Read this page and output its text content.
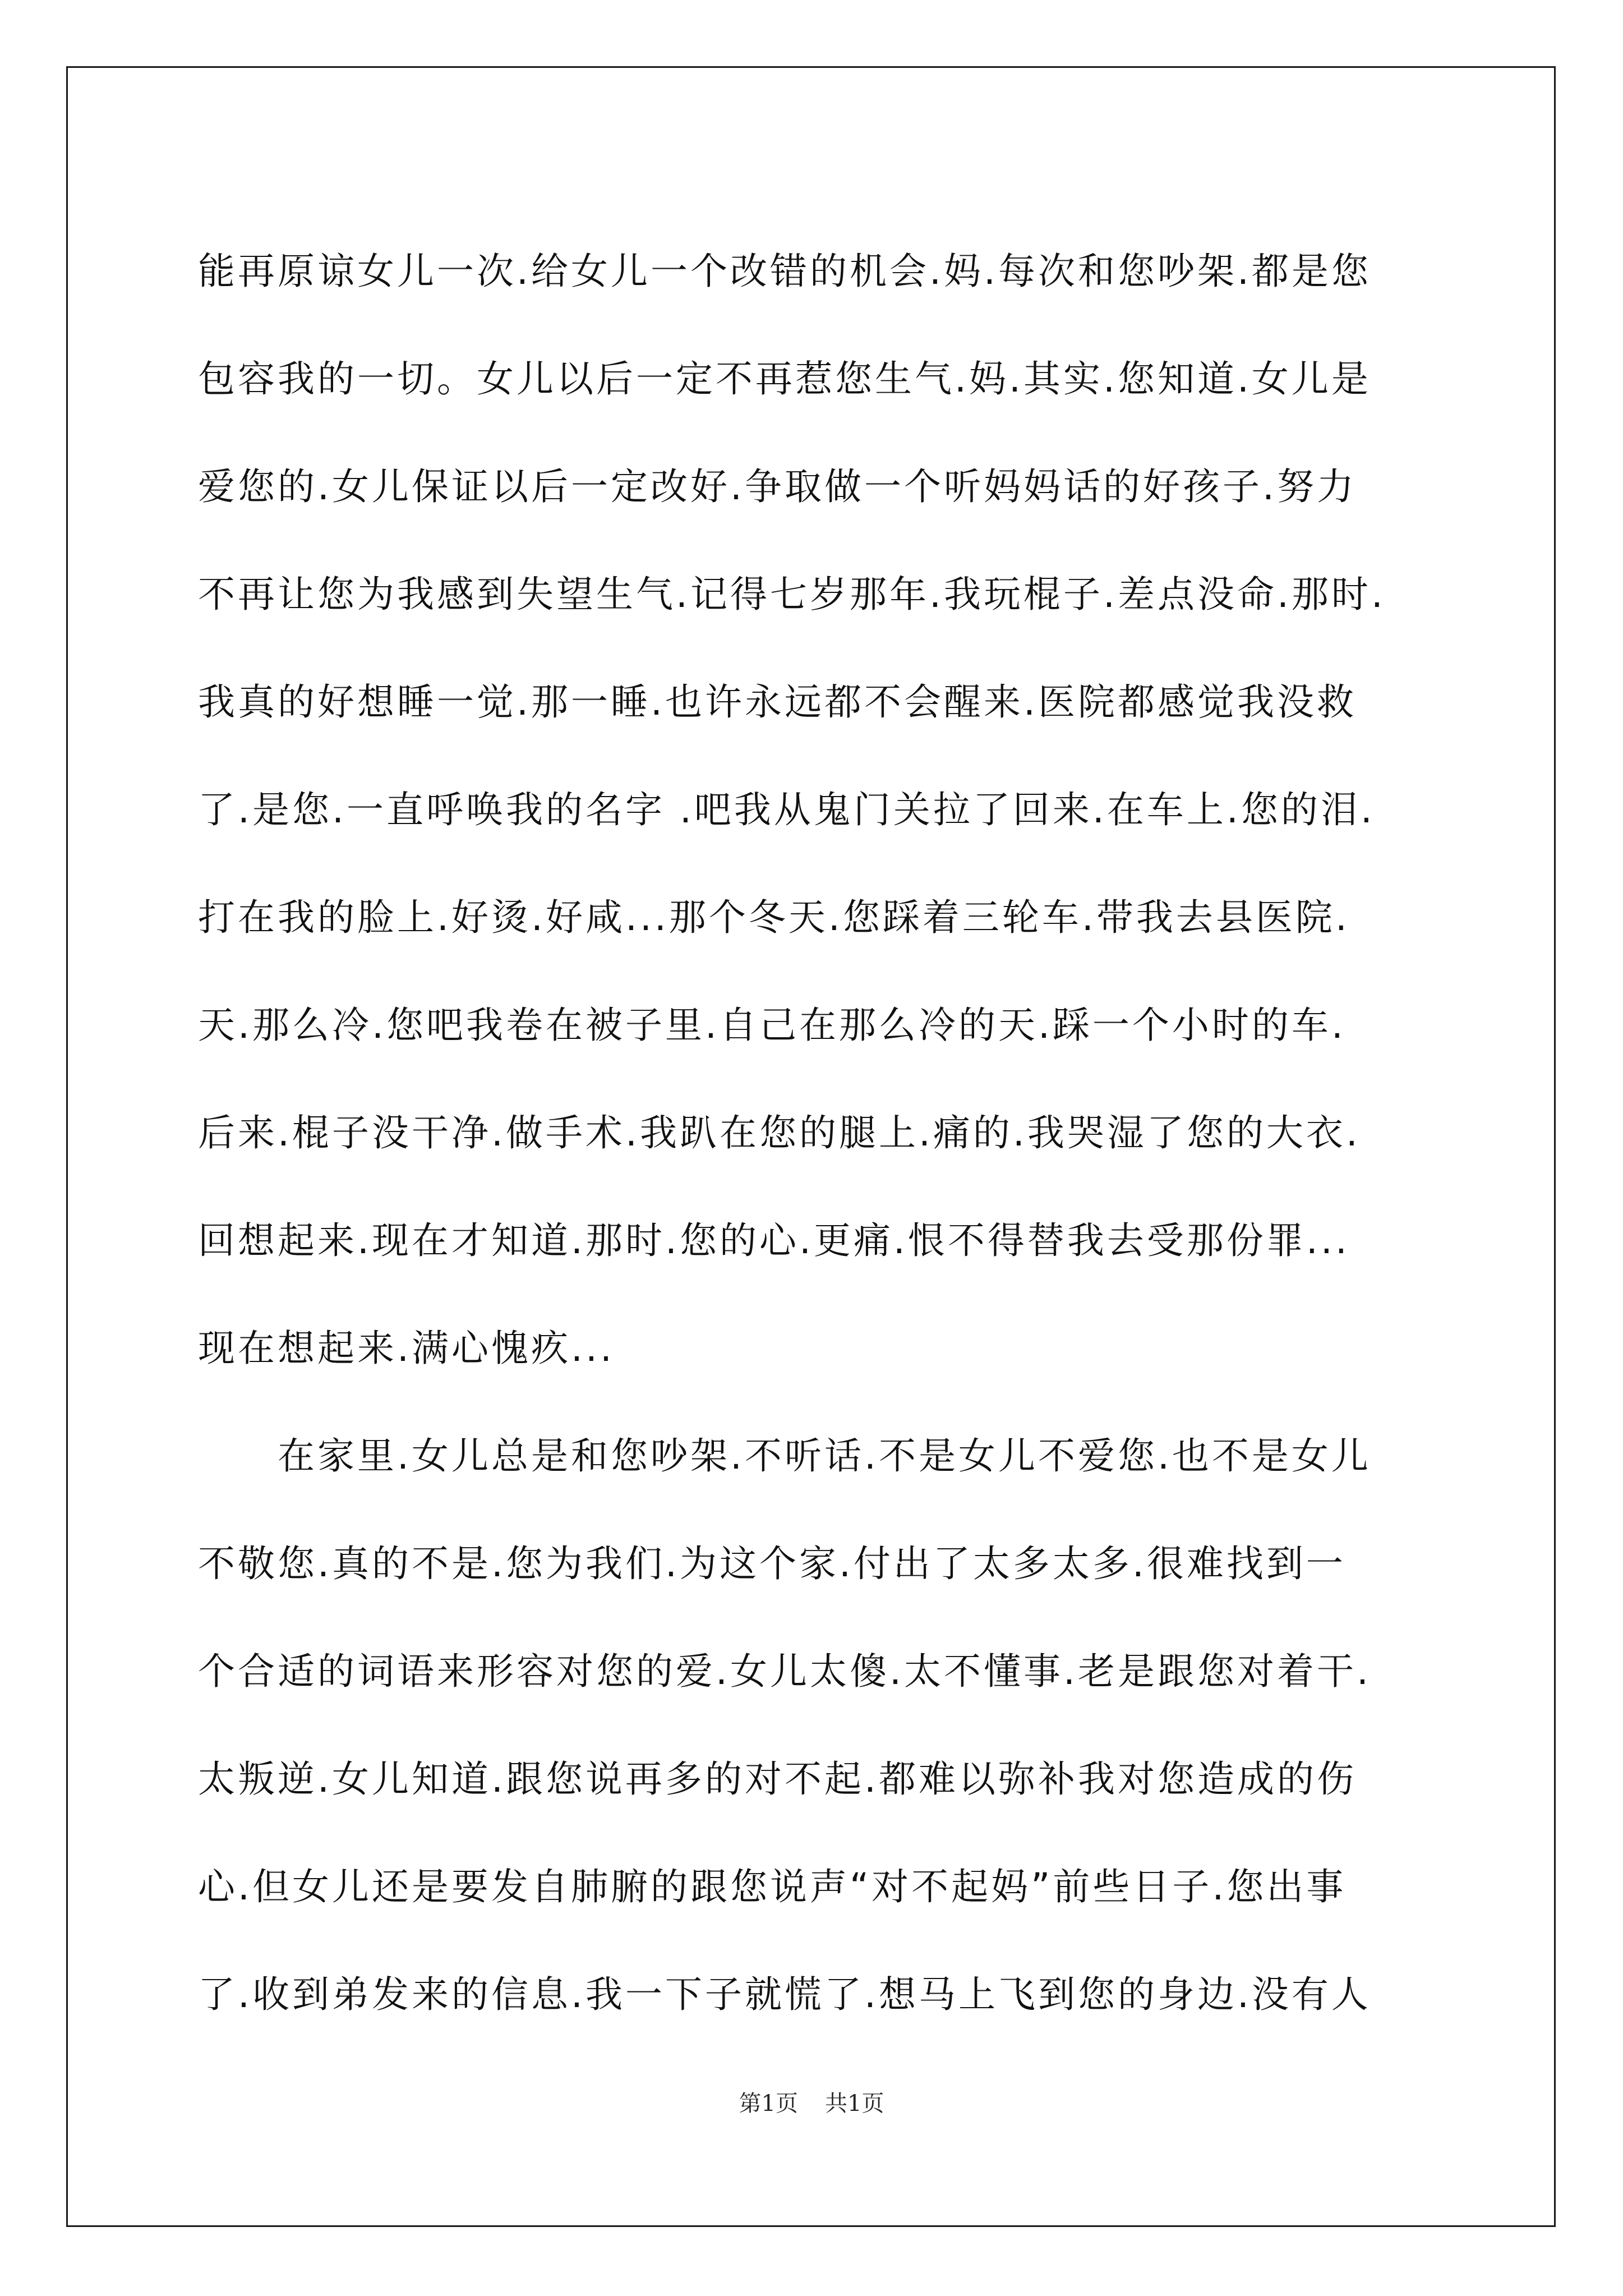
能再原谅女儿一次.给女儿一个改错的机会.妈.每次和您吵架.都是您

包容我的一切。女儿以后一定不再惹您生气.妈.其实.您知道.女儿是

爱您的.女儿保证以后一定改好.争取做一个听妈妈话的好孩子.努力

不再让您为我感到失望生气.记得七岁那年.我玩棍子.差点没命.那时.

我真的好想睡一觉.那一睡.也许永远都不会醒来.医院都感觉我没救

了.是您.一直呼唤我的名字 .吧我从鬼门关拉了回来.在车上.您的泪.

打在我的脸上.好烫.好咸...那个冬天.您踩着三轮车.带我去县医院.

天.那么冷.您吧我卷在被子里.自己在那么冷的天.踩一个小时的车.

后来.棍子没干净.做手术.我趴在您的腿上.痛的.我哭湿了您的大衣.

回想起来.现在才知道.那时.您的心.更痛.恨不得替我去受那份罪...

现在想起来.满心愧疚...

在家里.女儿总是和您吵架.不听话.不是女儿不爱您.也不是女儿

不敬您.真的不是.您为我们.为这个家.付出了太多太多.很难找到一

个合适的词语来形容对您的爱.女儿太傻.太不懂事.老是跟您对着干.

太叛逆.女儿知道.跟您说再多的对不起.都难以弥补我对您造成的伤

心.但女儿还是要发自肺腑的跟您说声“对不起妈”前些日子.您出事

了.收到弟发来的信息.我一下子就慌了.想马上飞到您的身边.没有人

第1页 共1页
